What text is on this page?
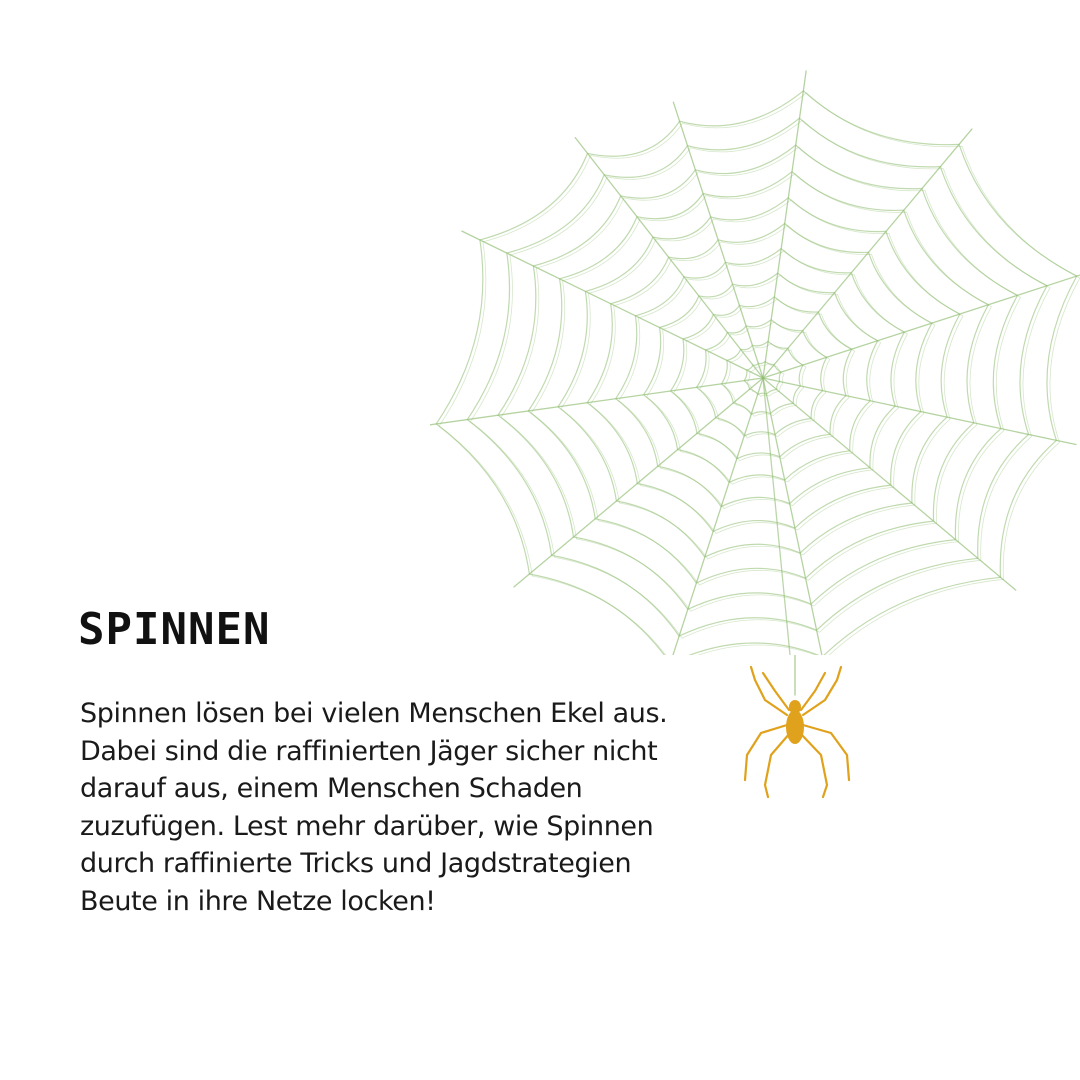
SPINNEN

Spinnen lösen bei vielen Menschen Ekel aus.
Dabei sind die raffinierten Jäger sicher nicht
darauf aus, einem Menschen Schaden
zuzufügen. Lest mehr darüber, wie Spinnen
durch raffinierte Tricks und Jagdstrategien
Beute in ihre Netze locken!
